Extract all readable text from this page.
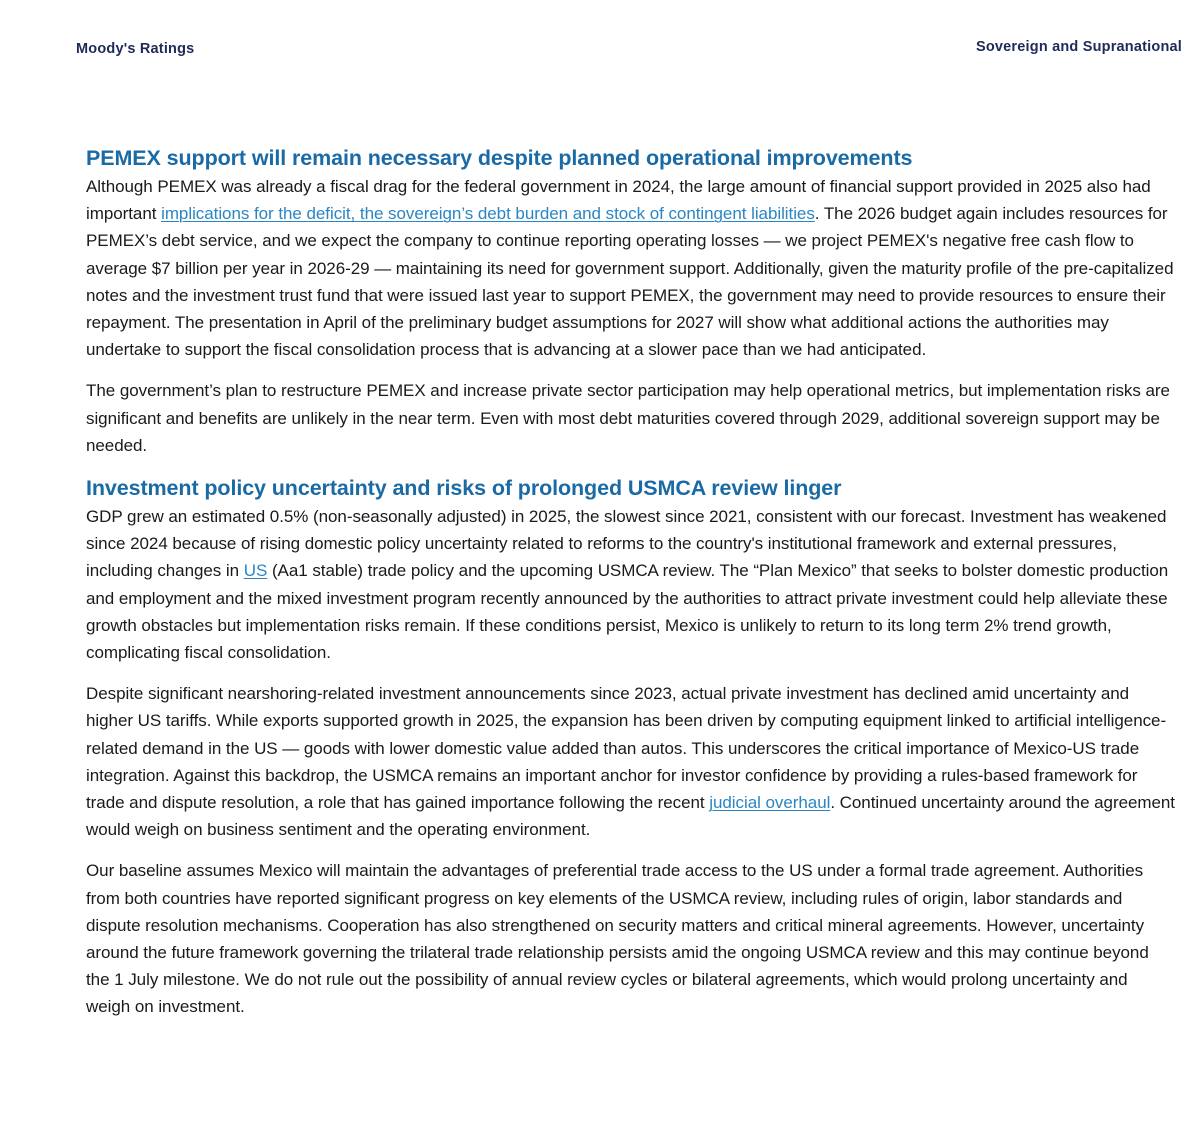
Moody's Ratings	Sovereign and Supranational
PEMEX support will remain necessary despite planned operational improvements

Although PEMEX was already a fiscal drag for the federal government in 2024, the large amount of financial support provided in 2025 also had important implications for the deficit, the sovereign’s debt burden and stock of contingent liabilities. The 2026 budget again includes resources for PEMEX’s debt service, and we expect the company to continue reporting operating losses — we project PEMEX's negative free cash flow to average $7 billion per year in 2026-29 — maintaining its need for government support. Additionally, given the maturity profile of the pre-capitalized notes and the investment trust fund that were issued last year to support PEMEX, the government may need to provide resources to ensure their repayment. The presentation in April of the preliminary budget assumptions for 2027 will show what additional actions the authorities may undertake to support the fiscal consolidation process that is advancing at a slower pace than we had anticipated.

The government’s plan to restructure PEMEX and increase private sector participation may help operational metrics, but implementation risks are significant and benefits are unlikely in the near term. Even with most debt maturities covered through 2029, additional sovereign support may be needed.

Investment policy uncertainty and risks of prolonged USMCA review linger

GDP grew an estimated 0.5% (non-seasonally adjusted) in 2025, the slowest since 2021, consistent with our forecast. Investment has weakened since 2024 because of rising domestic policy uncertainty related to reforms to the country's institutional framework and external pressures, including changes in US (Aa1 stable) trade policy and the upcoming USMCA review. The “Plan Mexico” that seeks to bolster domestic production and employment and the mixed investment program recently announced by the authorities to attract private investment could help alleviate these growth obstacles but implementation risks remain. If these conditions persist, Mexico is unlikely to return to its long term 2% trend growth, complicating fiscal consolidation.

Despite significant nearshoring-related investment announcements since 2023, actual private investment has declined amid uncertainty and higher US tariffs. While exports supported growth in 2025, the expansion has been driven by computing equipment linked to artificial intelligence-related demand in the US — goods with lower domestic value added than autos. This underscores the critical importance of Mexico-US trade integration. Against this backdrop, the USMCA remains an important anchor for investor confidence by providing a rules-based framework for trade and dispute resolution, a role that has gained importance following the recent judicial overhaul. Continued uncertainty around the agreement would weigh on business sentiment and the operating environment.

Our baseline assumes Mexico will maintain the advantages of preferential trade access to the US under a formal trade agreement. Authorities from both countries have reported significant progress on key elements of the USMCA review, including rules of origin, labor standards and dispute resolution mechanisms. Cooperation has also strengthened on security matters and critical mineral agreements. However, uncertainty around the future framework governing the trilateral trade relationship persists amid the ongoing USMCA review and this may continue beyond the 1 July milestone. We do not rule out the possibility of annual review cycles or bilateral agreements, which would prolong uncertainty and weigh on investment.
